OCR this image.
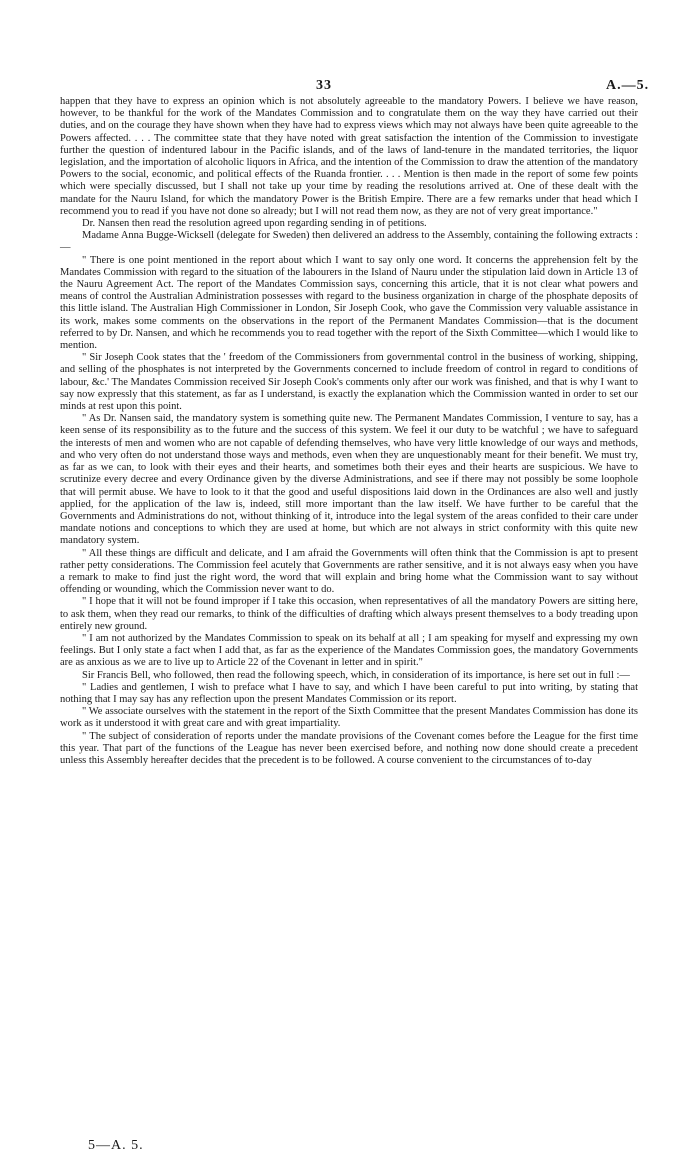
33	A.—5.

happen that they have to express an opinion which is not absolutely agreeable to the mandatory Powers. I believe we have reason, however, to be thankful for the work of the Mandates Commission and to congratulate them on the way they have carried out their duties, and on the courage they have shown when they have had to express views which may not always have been quite agreeable to the Powers affected. . . . The committee state that they have noted with great satisfaction the intention of the Commission to investigate further the question of indentured labour in the Pacific islands, and of the laws of land-tenure in the mandated territories, the liquor legislation, and the importation of alcoholic liquors in Africa, and the intention of the Commission to draw the attention of the mandatory Powers to the social, economic, and political effects of the Ruanda frontier. . . . Mention is then made in the report of some few points which were specially discussed, but I shall not take up your time by reading the resolutions arrived at. One of these dealt with the mandate for the Nauru Island, for which the mandatory Power is the British Empire. There are a few remarks under that head which I recommend you to read if you have not done so already; but I will not read them now, as they are not of very great importance."

Dr. Nansen then read the resolution agreed upon regarding sending in of petitions.

Madame Anna Bugge-Wicksell (delegate for Sweden) then delivered an address to the Assembly, containing the following extracts :—

" There is one point mentioned in the report about which I want to say only one word. It concerns the apprehension felt by the Mandates Commission with regard to the situation of the labourers in the Island of Nauru under the stipulation laid down in Article 13 of the Nauru Agreement Act. The report of the Mandates Commission says, concerning this article, that it is not clear what powers and means of control the Australian Administration possesses with regard to the business organization in charge of the phosphate deposits of this little island. The Australian High Commissioner in London, Sir Joseph Cook, who gave the Commission very valuable assistance in its work, makes some comments on the observations in the report of the Permanent Mandates Commission—that is the document referred to by Dr. Nansen, and which he recommends you to read together with the report of the Sixth Committee—which I would like to mention.

" Sir Joseph Cook states that the ' freedom of the Commissioners from governmental control in the business of working, shipping, and selling of the phosphates is not interpreted by the Governments concerned to include freedom of control in regard to conditions of labour, &c.' The Mandates Commission received Sir Joseph Cook's comments only after our work was finished, and that is why I want to say now expressly that this statement, as far as I understand, is exactly the explanation which the Commission wanted in order to set our minds at rest upon this point.

" As Dr. Nansen said, the mandatory system is something quite new. The Permanent Mandates Commission, I venture to say, has a keen sense of its responsibility as to the future and the success of this system. We feel it our duty to be watchful ; we have to safeguard the interests of men and women who are not capable of defending themselves, who have very little knowledge of our ways and methods, and who very often do not understand those ways and methods, even when they are unquestionably meant for their benefit. We must try, as far as we can, to look with their eyes and their hearts, and sometimes both their eyes and their hearts are suspicious. We have to scrutinize every decree and every Ordinance given by the diverse Administrations, and see if there may not possibly be some loophole that will permit abuse. We have to look to it that the good and useful dispositions laid down in the Ordinances are also well and justly applied, for the application of the law is, indeed, still more important than the law itself. We have further to be careful that the Governments and Administrations do not, without thinking of it, introduce into the legal system of the areas confided to their care under mandate notions and conceptions to which they are used at home, but which are not always in strict conformity with this quite new mandatory system.

" All these things are difficult and delicate, and I am afraid the Governments will often think that the Commission is apt to present rather petty considerations. The Commission feel acutely that Governments are rather sensitive, and it is not always easy when you have a remark to make to find just the right word, the word that will explain and bring home what the Commission want to say without offending or wounding, which the Commission never want to do.

" I hope that it will not be found improper if I take this occasion, when representatives of all the mandatory Powers are sitting here, to ask them, when they read our remarks, to think of the difficulties of drafting which always present themselves to a body treading upon entirely new ground.

" I am not authorized by the Mandates Commission to speak on its behalf at all ; I am speaking for myself and expressing my own feelings. But I only state a fact when I add that, as far as the experience of the Mandates Commission goes, the mandatory Governments are as anxious as we are to live up to Article 22 of the Covenant in letter and in spirit."

Sir Francis Bell, who followed, then read the following speech, which, in consideration of its importance, is here set out in full :—

" Ladies and gentlemen, I wish to preface what I have to say, and which I have been careful to put into writing, by stating that nothing that I may say has any reflection upon the present Mandates Commission or its report.

" We associate ourselves with the statement in the report of the Sixth Committee that the present Mandates Commission has done its work as it understood it with great care and with great impartiality.

" The subject of consideration of reports under the mandate provisions of the Covenant comes before the League for the first time this year. That part of the functions of the League has never been exercised before, and nothing now done should create a precedent unless this Assembly hereafter decides that the precedent is to be followed. A course convenient to the circumstances of to-day

5—A. 5.
